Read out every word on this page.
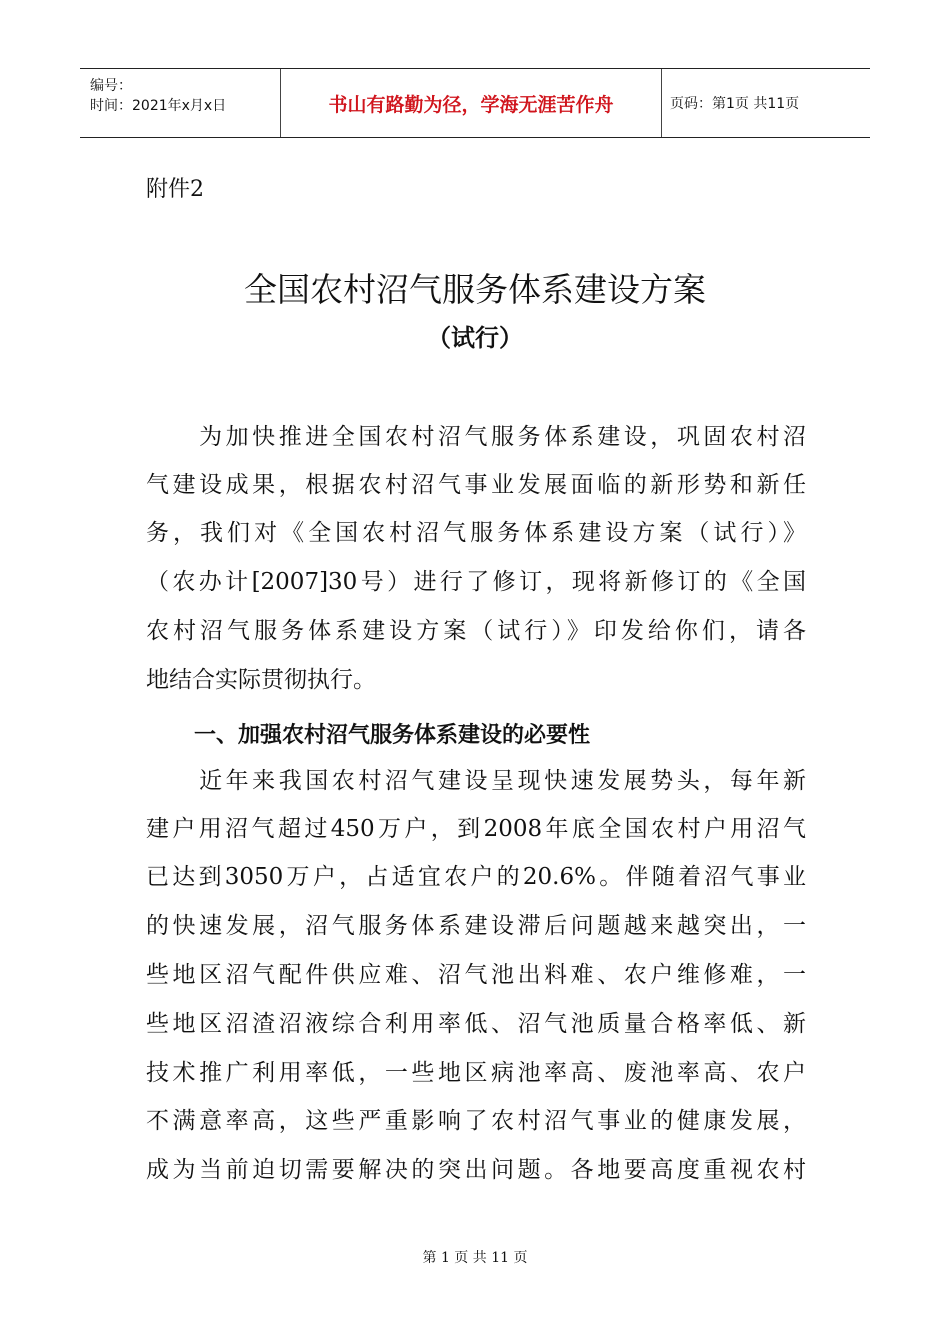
编号：
时间：2021年x月x日	书山有路勤为径，学海无涯苦作舟	页码：第1页 共11页
附件2
全国农村沼气服务体系建设方案
（试行）
　　为加快推进全国农村沼气服务体系建设，巩固农村沼
气建设成果，根据农村沼气事业发展面临的新形势和新任
务，我们对《全国农村沼气服务体系建设方案（试行）》
（农办计[2007]30号）进行了修订，现将新修订的《全国
农村沼气服务体系建设方案（试行）》印发给你们，请各
地结合实际贯彻执行。
一、加强农村沼气服务体系建设的必要性
　　近年来我国农村沼气建设呈现快速发展势头，每年新
建户用沼气超过450万户，到2008年底全国农村户用沼气
已达到3050万户，占适宜农户的20.6%。伴随着沼气事业
的快速发展，沼气服务体系建设滞后问题越来越突出，一
些地区沼气配件供应难、沼气池出料难、农户维修难，一
些地区沼渣沼液综合利用率低、沼气池质量合格率低、新
技术推广利用率低，一些地区病池率高、废池率高、农户
不满意率高，这些严重影响了农村沼气事业的健康发展，
成为当前迫切需要解决的突出问题。各地要高度重视农村
第 1 页 共 11 页
